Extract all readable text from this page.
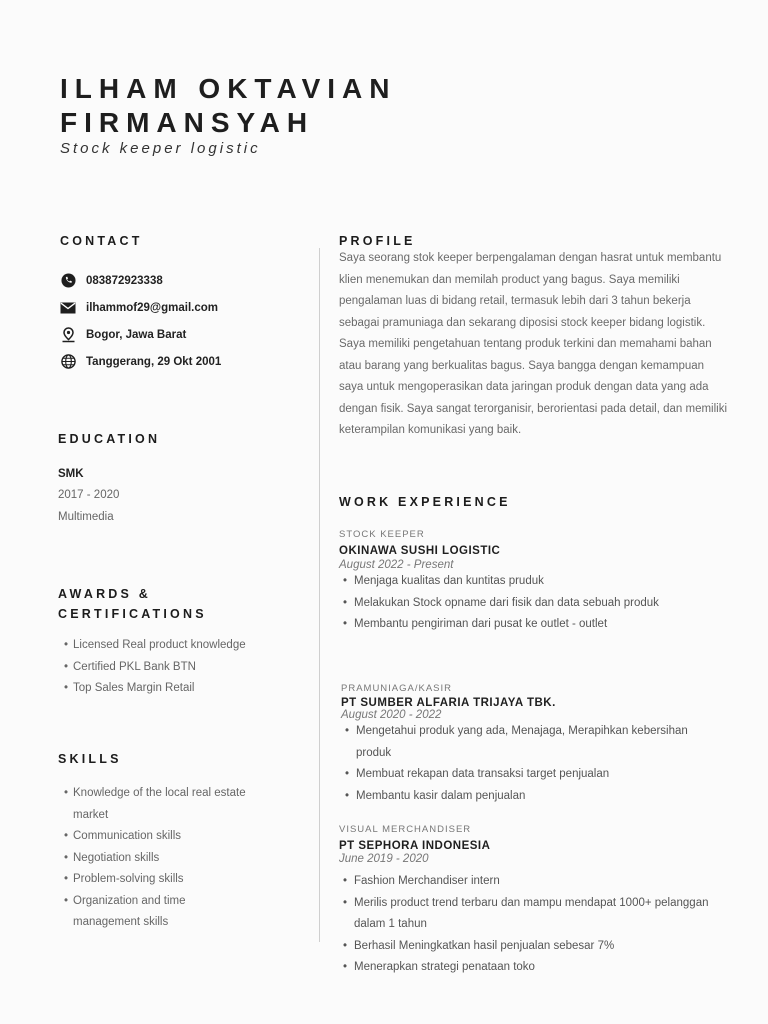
ILHAM OKTAVIAN
FIRMANSYAH
Stock keeper logistic
CONTACT
083872923338
ilhammof29@gmail.com
Bogor, Jawa Barat
Tanggerang, 29 Okt 2001
EDUCATION
SMK
2017 - 2020
Multimedia
AWARDS &
CERTIFICATIONS
• Licensed Real product knowledge
• Certified PKL Bank BTN
• Top Sales Margin Retail
SKILLS
• Knowledge of the local real estate market
• Communication skills
• Negotiation skills
• Problem-solving skills
• Organization and time management skills
PROFILE
Saya seorang stok keeper berpengalaman dengan hasrat untuk membantu klien menemukan dan memilah product yang bagus. Saya memiliki pengalaman luas di bidang retail, termasuk lebih dari 3 tahun bekerja sebagai pramuniaga dan sekarang diposisi stock keeper bidang logistik. Saya memiliki pengetahuan tentang produk terkini dan memahami bahan atau barang yang berkualitas bagus. Saya bangga dengan kemampuan saya untuk mengoperasikan data jaringan produk dengan data yang ada dengan fisik. Saya sangat terorganisir, berorientasi pada detail, dan memiliki keterampilan komunikasi yang baik.
WORK EXPERIENCE
STOCK KEEPER
OKINAWA SUSHI LOGISTIC
August 2022 - Present
• Menjaga kualitas dan kuntitas pruduk
• Melakukan Stock opname dari fisik dan data sebuah produk
• Membantu pengiriman dari pusat ke outlet - outlet
PRAMUNIAGA/KASIR
PT SUMBER ALFARIA TRIJAYA TBK.
August 2020 - 2022
• Mengetahui produk yang ada, Menajaga, Merapihkan kebersihan produk
• Membuat rekapan data transaksi target penjualan
• Membantu kasir dalam penjualan
VISUAL MERCHANDISER
PT SEPHORA INDONESIA
June 2019 - 2020
• Fashion Merchandiser intern
• Merilis product trend terbaru dan mampu mendapat 1000+ pelanggan dalam 1 tahun
• Berhasil Meningkatkan hasil penjualan sebesar 7%
• Menerapkan strategi penataan toko
